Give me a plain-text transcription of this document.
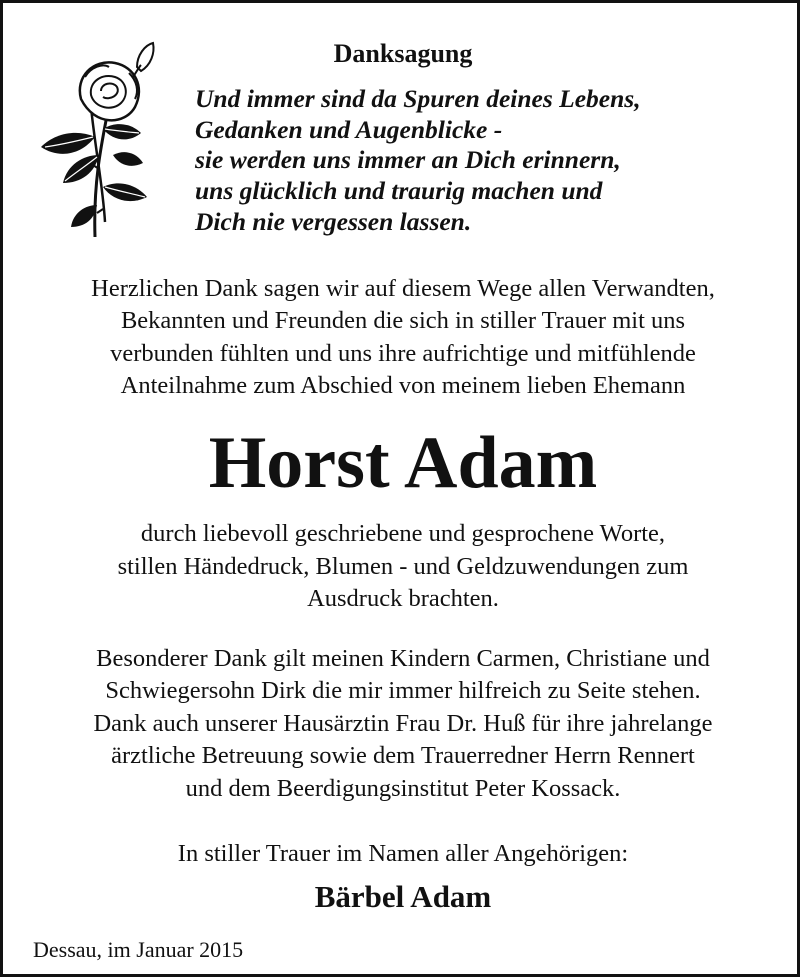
Danksagung
Und immer sind da Spuren deines Lebens,
Gedanken und Augenblicke -
sie werden uns immer an Dich erinnern,
uns glücklich und traurig machen und
Dich nie vergessen lassen.
Herzlichen Dank sagen wir auf diesem Wege allen Verwandten,
Bekannten und Freunden die sich in stiller Trauer mit uns
verbunden fühlten und uns ihre aufrichtige und mitfühlende
Anteilnahme zum Abschied von meinem lieben Ehemann
Horst Adam
durch liebevoll geschriebene und gesprochene Worte,
stillen Händedruck, Blumen - und Geldzuwendungen zum
Ausdruck brachten.
Besonderer Dank gilt meinen Kindern Carmen, Christiane und
Schwiegersohn Dirk die mir immer hilfreich zu Seite stehen.
Dank auch unserer Hausärztin Frau Dr. Huß für ihre jahrelange
ärztliche Betreuung sowie dem Trauerredner Herrn Rennert
und dem Beerdigungsinstitut Peter Kossack.
In stiller Trauer im Namen aller Angehörigen:
Bärbel Adam
Dessau, im Januar 2015
